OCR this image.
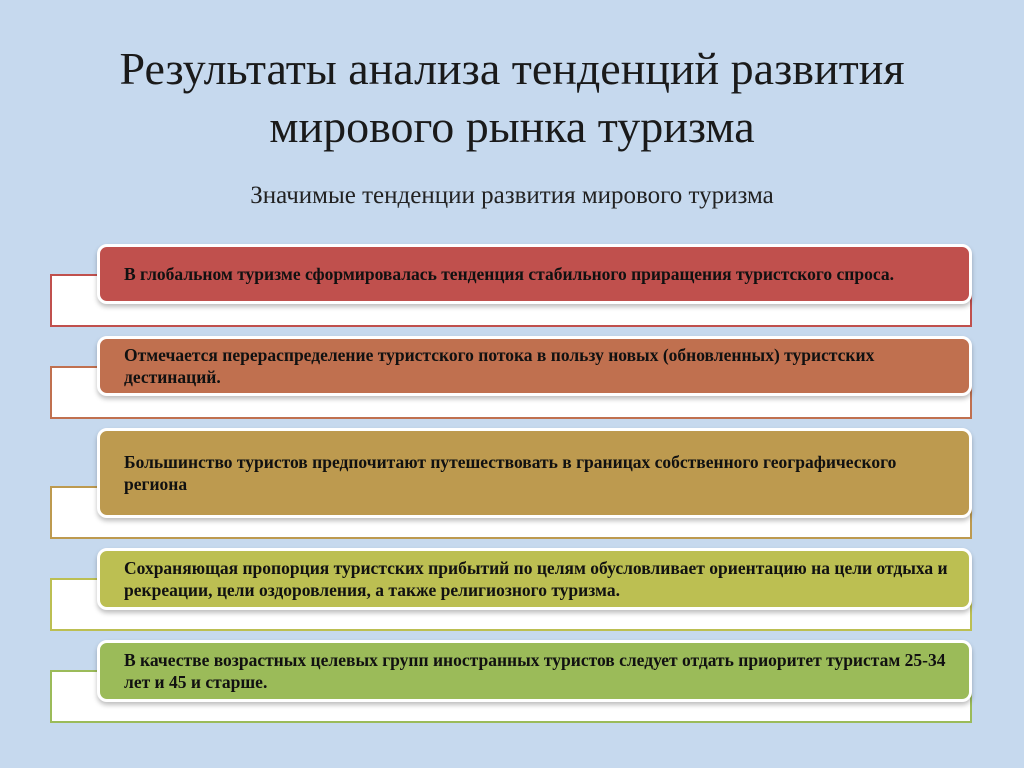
Результаты анализа тенденций развития
мирового рынка туризма
Значимые тенденции развития мирового туризма
В глобальном туризме сформировалась тенденция стабильного приращения туристского спроса.
Отмечается перераспределение туристского потока в пользу новых (обновленных) туристских дестинаций.
Большинство туристов предпочитают путешествовать в границах собственного географического региона
Сохраняющая пропорция туристских прибытий по целям обусловливает ориентацию на цели отдыха и рекреации, цели оздоровления, а также религиозного туризма.
В качестве возрастных целевых групп иностранных туристов следует отдать приоритет туристам 25-34 лет и 45 и старше.
